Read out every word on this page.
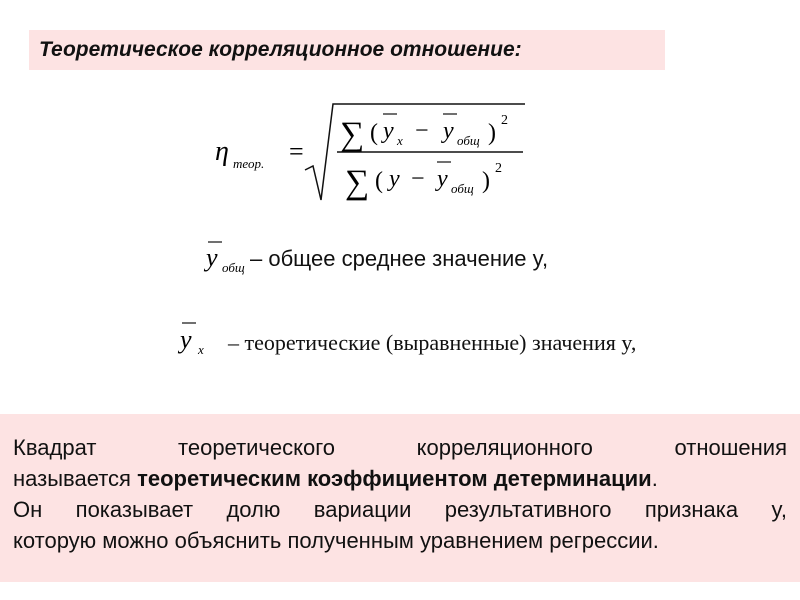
Теоретическое корреляционное отношение:
η теор. = ∑ ( y x − y общ ) 2
∑ ( y − y общ ) 2
y общ – общее среднее значение y,
y x – теоретические (выравненные) значения y,
Квадрат теоретического корреляционного отношения
называется теоретическим коэффициентом детерминации.
Он показывает долю вариации результативного признака y,
которую можно объяснить полученным уравнением регрессии.
